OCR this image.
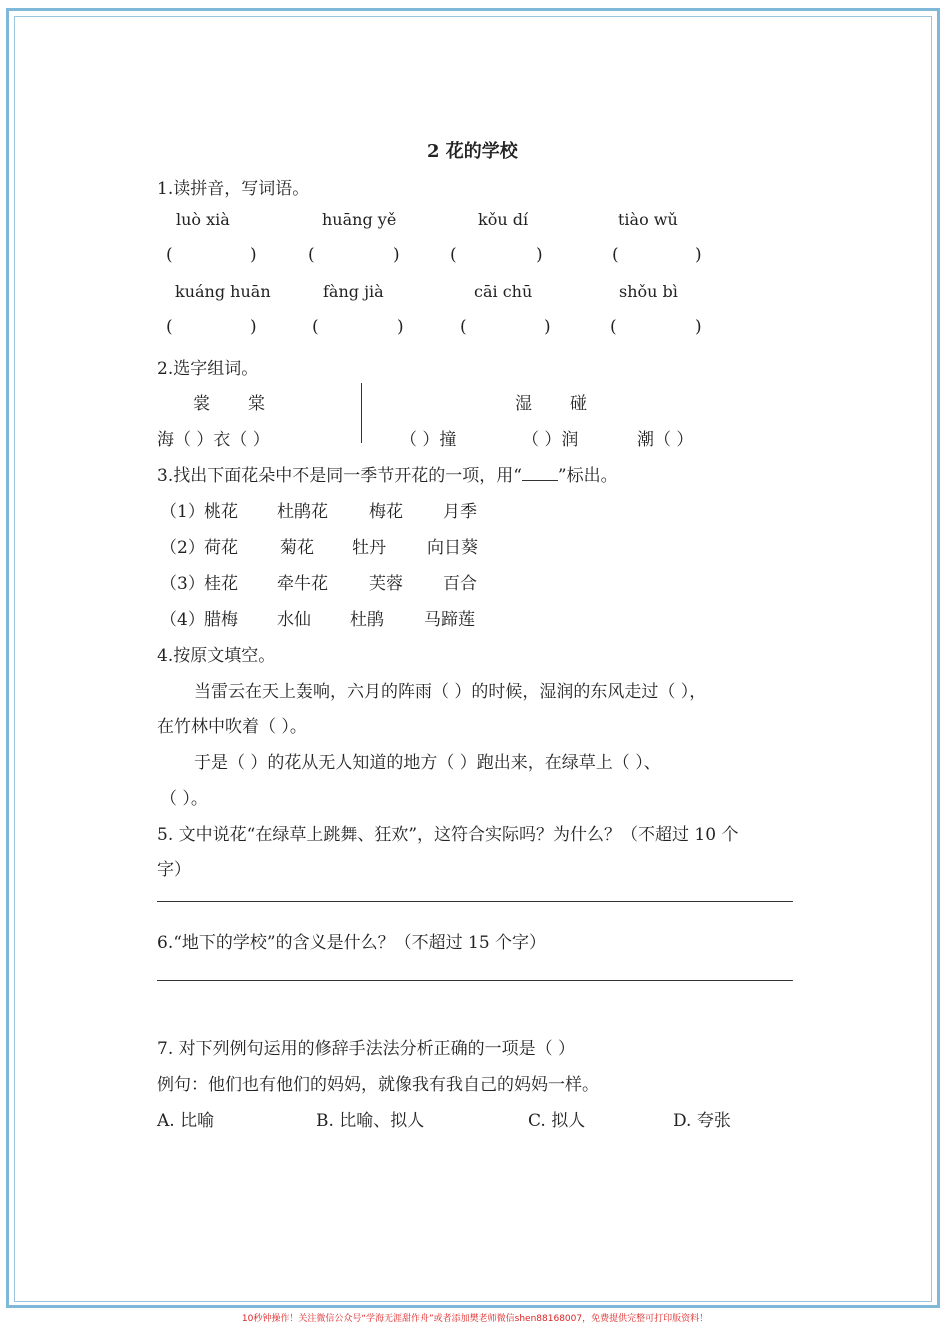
2 花的学校
1.读拼音，写词语。
luò xià	huāng yě	kǒu dí	tiào wǔ
(	)	(	)	(	)	(	)
kuáng huān	fàng jià	cāi chū	shǒu bì
(	)	(	)	(	)	(	)
2.选字组词。
裳 棠	湿 碰
海（ ）衣（ ）	（ ）撞	（ ）润	潮（ ）
3.找出下面花朵中不是同一季节开花的一项，用“ ”标出。
（1） 桃花 杜鹃花 梅花 月季
（2） 荷花 菊花 牡丹 向日葵
（3） 桂花 牵牛花 芙蓉 百合
（4） 腊梅 水仙 杜鹃 马蹄莲
4.按原文填空。
当雷云在天上轰响，六月的阵雨（ ）的时候，湿润的东风走过（ ），
在竹林中吹着（ ）。
于是（ ）的花从无人知道的地方（ ）跑出来，在绿草上（ ）、
（ ）。
5. 文中说花“在绿草上跳舞、狂欢”，这符合实际吗？为什么？（不超过 10 个
字）
6.“地下的学校”的含义是什么？（不超过 15 个字）
7. 对下列例句运用的修辞手法法分析正确的一项是（ ）
例句：他们也有他们的妈妈，就像我有我自己的妈妈一样。
A. 比喻	B. 比喻、拟人	C. 拟人	D. 夸张
10秒钟操作！关注微信公众号“学海无涯甜作舟”或者添加樊老师微信shen88168007，免费提供完整可打印版资料！
